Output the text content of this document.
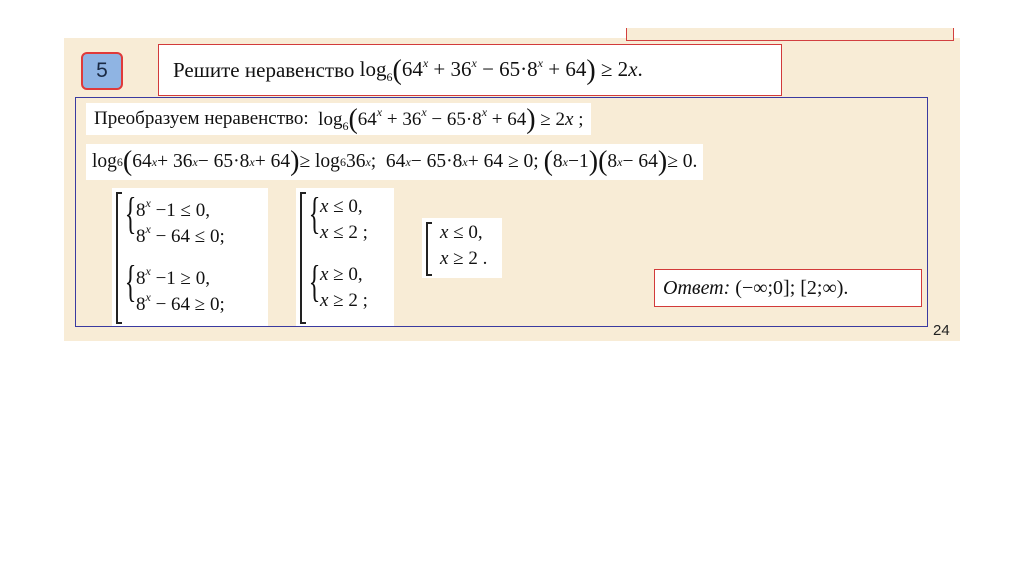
5	Решите неравенство
$\log_6(64^x + 36^x - 65\cdot 8^x + 64) \ge 2x$.
Преобразуем неравенство:
$\log_6(64^x + 36^x - 65\cdot 8^x + 64) \ge 2x$ ;
log 6 ( 64 x + 36 x − 65·8 x + 64 ) ≥ log 6 36 x ;  64 x − 65·8 x + 64 ≥ 0; ( 8 x −1 ) ( 8 x − 64 ) ≥ 0.
{ $8^x -1 \le 0$,
$8^x - 64 \le 0$;
{ $8^x -1 \ge 0$,
$8^x - 64 \ge 0$;
{ x ≤ 0,
x ≤ 2 ;
{ x ≥ 0,
x ≥ 2 ;
x ≤ 0,
x ≥ 2 .
Ответ:
(−∞;0]; [2;∞).
24
